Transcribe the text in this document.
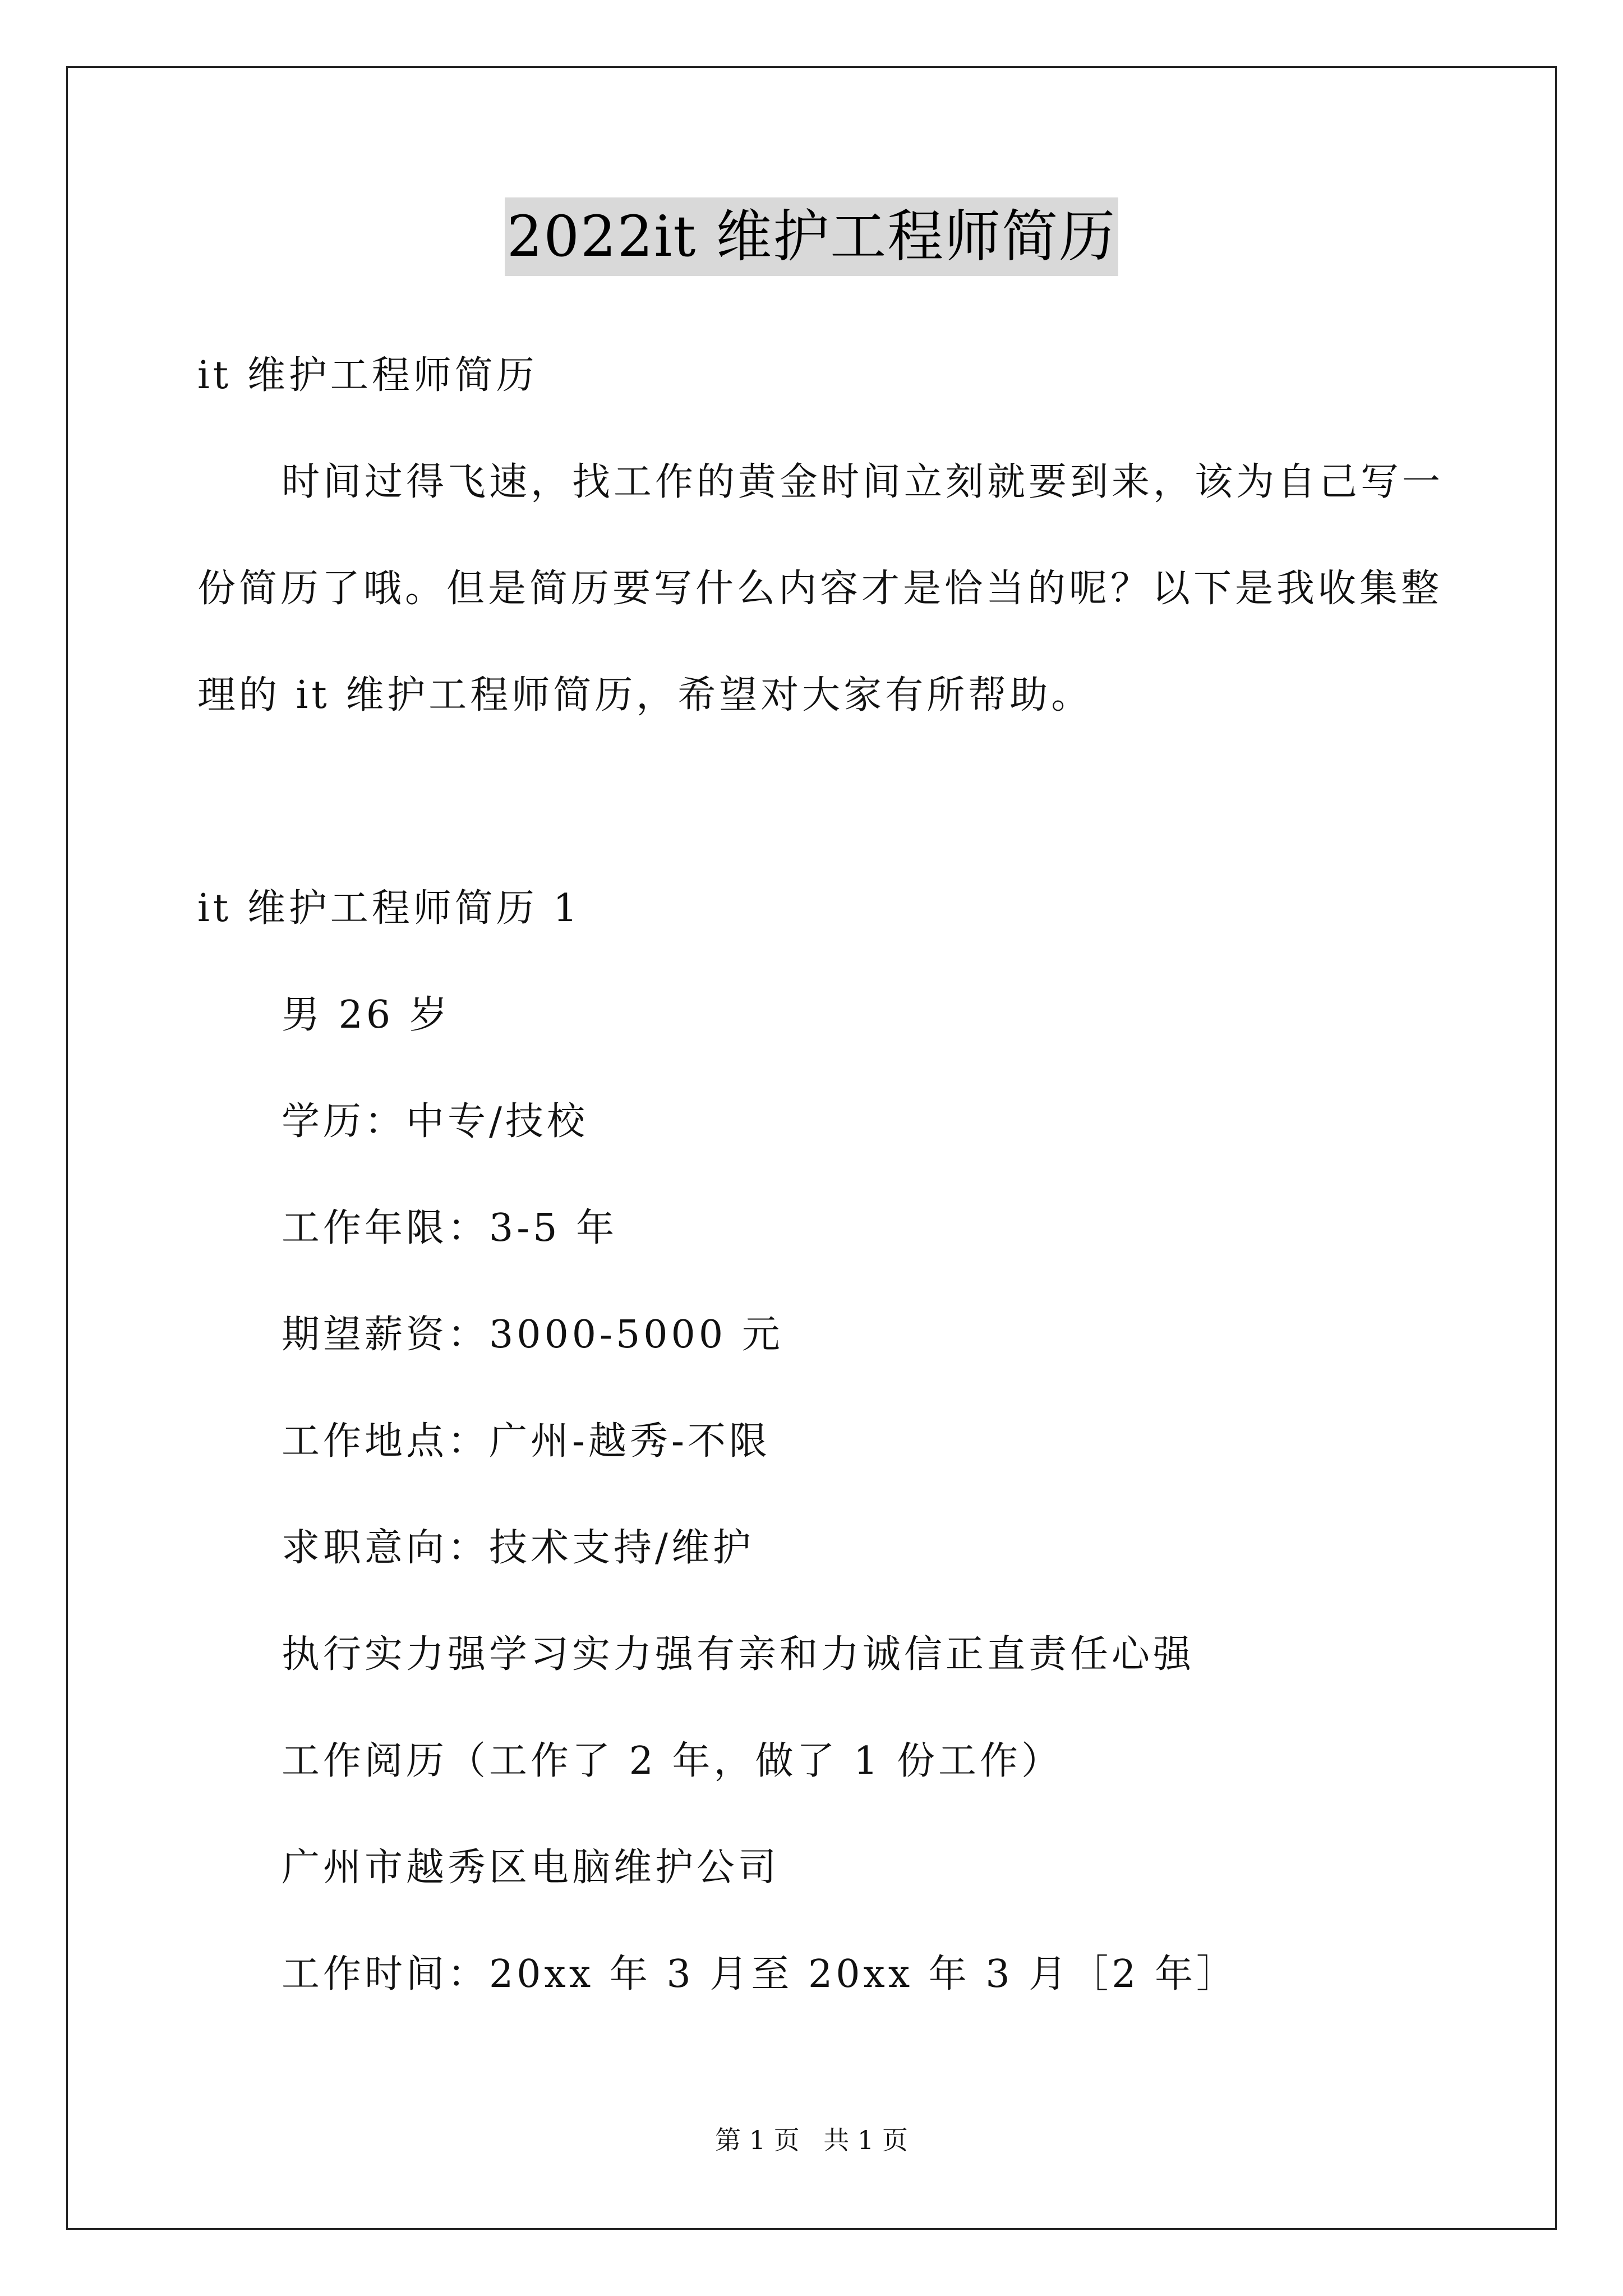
2022it 维护工程师简历
it 维护工程师简历
时间过得飞速，找工作的黄金时间立刻就要到来，该为自己写一
份简历了哦。但是简历要写什么内容才是恰当的呢？以下是我收集整
理的 it 维护工程师简历，希望对大家有所帮助。
it 维护工程师简历 1
男 26 岁
学历：中专/技校
工作年限：3-5 年
期望薪资：3000-5000 元
工作地点：广州-越秀-不限
求职意向：技术支持/维护
执行实力强学习实力强有亲和力诚信正直责任心强
工作阅历（工作了 2 年，做了 1 份工作）
广州市越秀区电脑维护公司
工作时间：20xx 年 3 月至 20xx 年 3 月［2 年］
第 1 页 共 1 页
